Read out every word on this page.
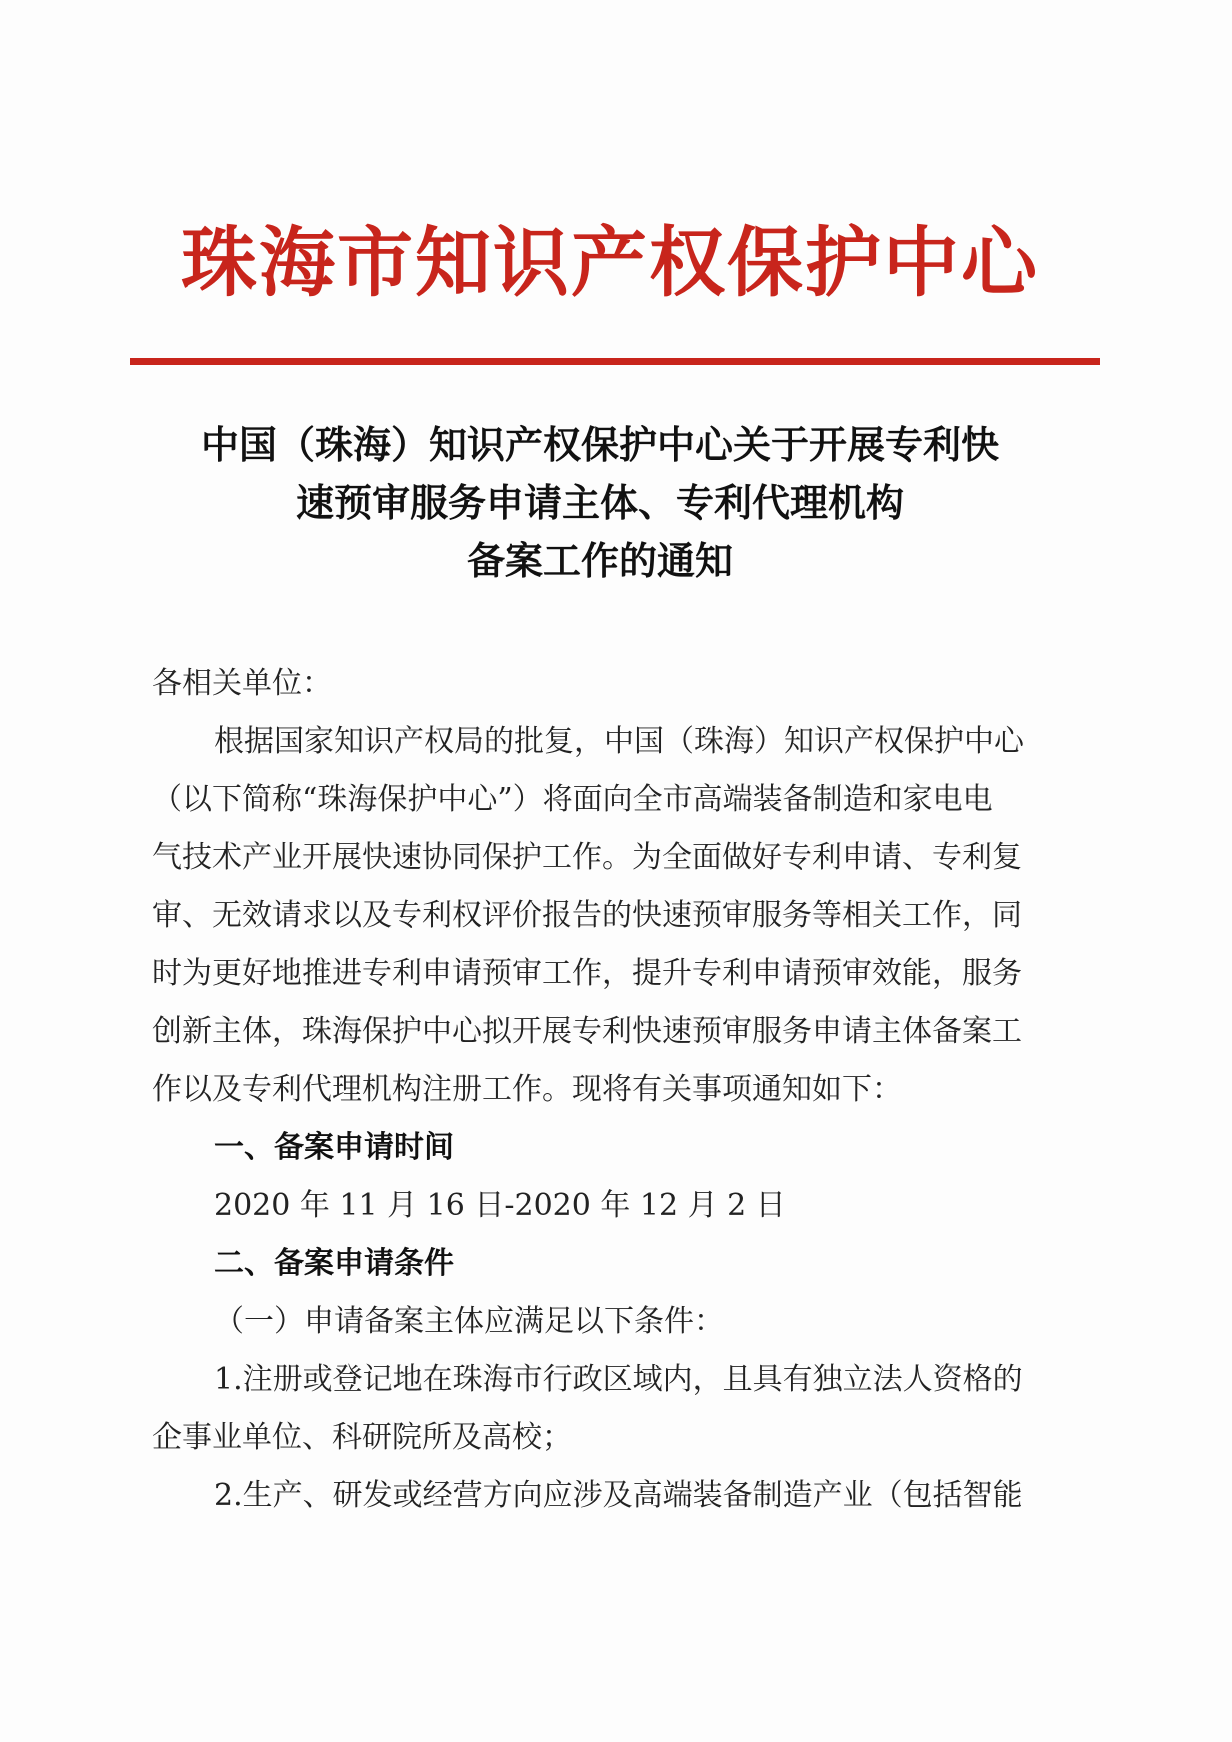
珠海市知识产权保护中心
中国（珠海）知识产权保护中心关于开展专利快
速预审服务申请主体、专利代理机构
备案工作的通知
各相关单位：
根据国家知识产权局的批复，中国（珠海）知识产权保护中心
（以下简称“珠海保护中心”）将面向全市高端装备制造和家电电
气技术产业开展快速协同保护工作。为全面做好专利申请、专利复
审、无效请求以及专利权评价报告的快速预审服务等相关工作，同
时为更好地推进专利申请预审工作，提升专利申请预审效能，服务
创新主体，珠海保护中心拟开展专利快速预审服务申请主体备案工
作以及专利代理机构注册工作。现将有关事项通知如下：
一、备案申请时间
2020 年 11 月 16 日-2020 年 12 月 2 日
二、备案申请条件
（一）申请备案主体应满足以下条件：
1.注册或登记地在珠海市行政区域内，且具有独立法人资格的
企事业单位、科研院所及高校；
2.生产、研发或经营方向应涉及高端装备制造产业（包括智能
